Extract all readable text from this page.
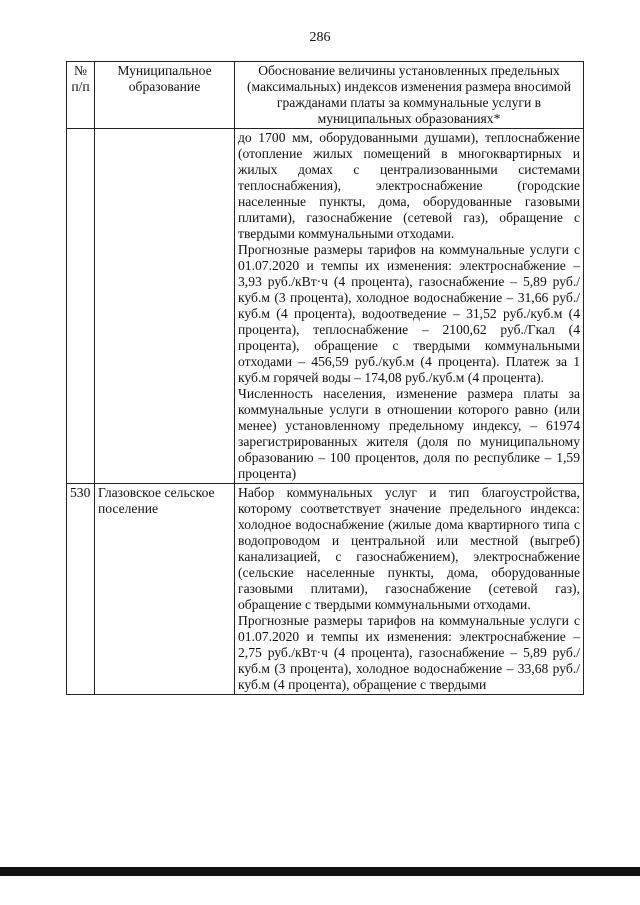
286
№ п/п	Муниципальное образование	Обоснование величины установленных предельных (максимальных) индексов изменения размера вносимой гражданами платы за коммунальные услуги в муниципальных образованиях*

		до 1700 мм, оборудованными душами), теплоснабжение (отопление жилых помещений в многоквартирных и жилых домах с централизованными системами теплоснабжения), электроснабжение (городские населенные пункты, дома, оборудованные газовыми плитами), газоснабжение (сетевой газ), обращение с твердыми коммунальными отходами.

Прогнозные размеры тарифов на коммунальные услуги с 01.07.2020 и темпы их изменения: электроснабжение – 3,93 руб./кВт·ч (4 процента), газоснабжение – 5,89 руб./куб.м (3 процента), холодное водоснабжение – 31,66 руб./куб.м (4 процента), водоотведение – 31,52 руб./куб.м (4 процента), теплоснабжение – 2100,62 руб./Гкал (4 процента), обращение с твердыми коммунальными отходами – 456,59 руб./куб.м (4 процента). Платеж за 1 куб.м горячей воды – 174,08 руб./куб.м (4 процента).

Численность населения, изменение размера платы за коммунальные услуги в отношении которого равно (или менее) установленному предельному индексу, – 61974 зарегистрированных жителя (доля по муниципальному образованию – 100 процентов, доля по республике – 1,59 процента)

530	Глазовское сельское поселение	Набор коммунальных услуг и тип благоустройства, которому соответствует значение предельного индекса: холодное водоснабжение (жилые дома квартирного типа с водопроводом и центральной или местной (выгреб) канализацией, с газоснабжением), электроснабжение (сельские населенные пункты, дома, оборудованные газовыми плитами), газоснабжение (сетевой газ), обращение с твердыми коммунальными отходами.

Прогнозные размеры тарифов на коммунальные услуги с 01.07.2020 и темпы их изменения: электроснабжение – 2,75 руб./кВт·ч (4 процента), газоснабжение – 5,89 руб./куб.м (3 процента), холодное водоснабжение – 33,68 руб./куб.м (4 процента), обращение с твердыми
